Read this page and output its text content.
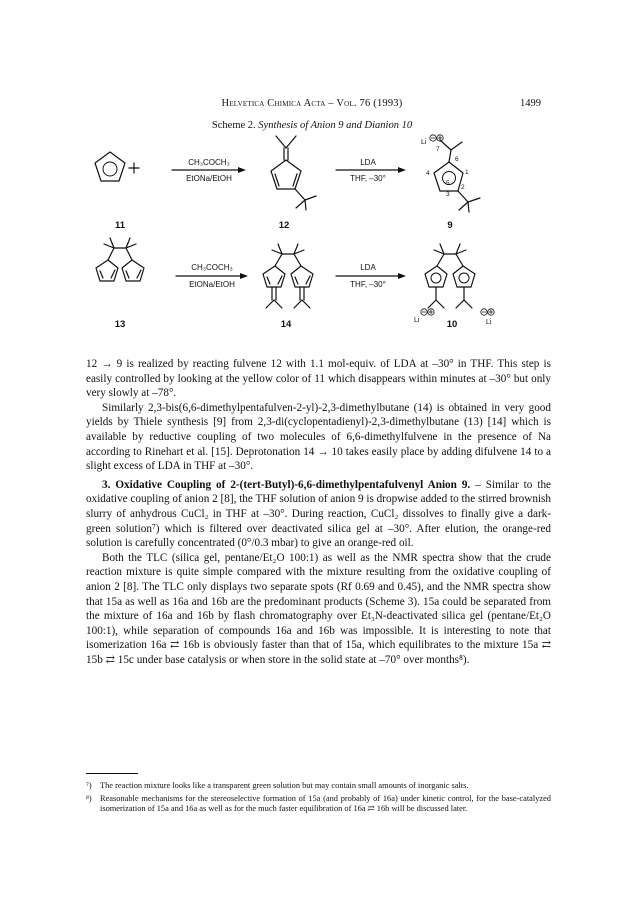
Helvetica Chimica Acta – Vol. 76 (1993)	1499
Scheme 2. Synthesis of Anion 9 and Dianion 10
CH₃COCH₃
EtONa/EtOH
LDA
THF, –30°
Li
7
6
1
2
3
4
5
11	12	9
CH₃COCH₃
EtONa/EtOH
LDA
THF, –30°
Li	Li
13	14	10

12 → 9 is realized by reacting fulvene 12 with 1.1 mol-equiv. of LDA at –30° in THF. This step is easily controlled by looking at the yellow color of 11 which disappears within minutes at –30° but only very slowly at –78°.

Similarly 2,3-bis(6,6-dimethylpentafulven-2-yl)-2,3-dimethylbutane (14) is obtained in very good yields by Thiele synthesis [9] from 2,3-di(cyclopentadienyl)-2,3-dimethylbutane (13) [14] which is available by reductive coupling of two molecules of 6,6-dimethylfulvene in the presence of Na according to Rinehart et al. [15]. Deprotonation 14 → 10 takes easily place by adding difulvene 14 to a slight excess of LDA in THF at –30°.

3. Oxidative Coupling of 2-(tert-Butyl)-6,6-dimethylpentafulvenyl Anion 9. – Similar to the oxidative coupling of anion 2 [8], the THF solution of anion 9 is dropwise added to the stirred brownish slurry of anhydrous CuCl₂ in THF at –30°. During reaction, CuCl₂ dissolves to finally give a dark-green solution⁷) which is filtered over deactivated silica gel at –30°. After elution, the orange-red solution is carefully concentrated (0°/0.3 mbar) to give an orange-red oil.

Both the TLC (silica gel, pentane/Et₂O 100:1) as well as the NMR spectra show that the crude reaction mixture is quite simple compared with the mixture resulting from the oxidative coupling of anion 2 [8]. The TLC only displays two separate spots (Rf 0.69 and 0.45), and the NMR spectra show that 15a as well as 16a and 16b are the predominant products (Scheme 3). 15a could be separated from the mixture of 16a and 16b by flash chromatography over Et₃N-deactivated silica gel (pentane/Et₂O 100:1), while separation of compounds 16a and 16b was impossible. It is interesting to note that isomerization 16a ⇄ 16b is obviously faster than that of 15a, which equilibrates to the mixture 15a ⇄ 15b ⇄ 15c under base catalysis or when store in the solid state at –70° over months⁸).

⁷) The reaction mixture looks like a transparent green solution but may contain small amounts of inorganic salts.
⁸) Reasonable mechanisms for the stereoselective formation of 15a (and probably of 16a) under kinetic control, for the base-catalyzed isomerization of 15a and 16a as well as for the much faster equilibration of 16a ⇄ 16b will be discussed later.
